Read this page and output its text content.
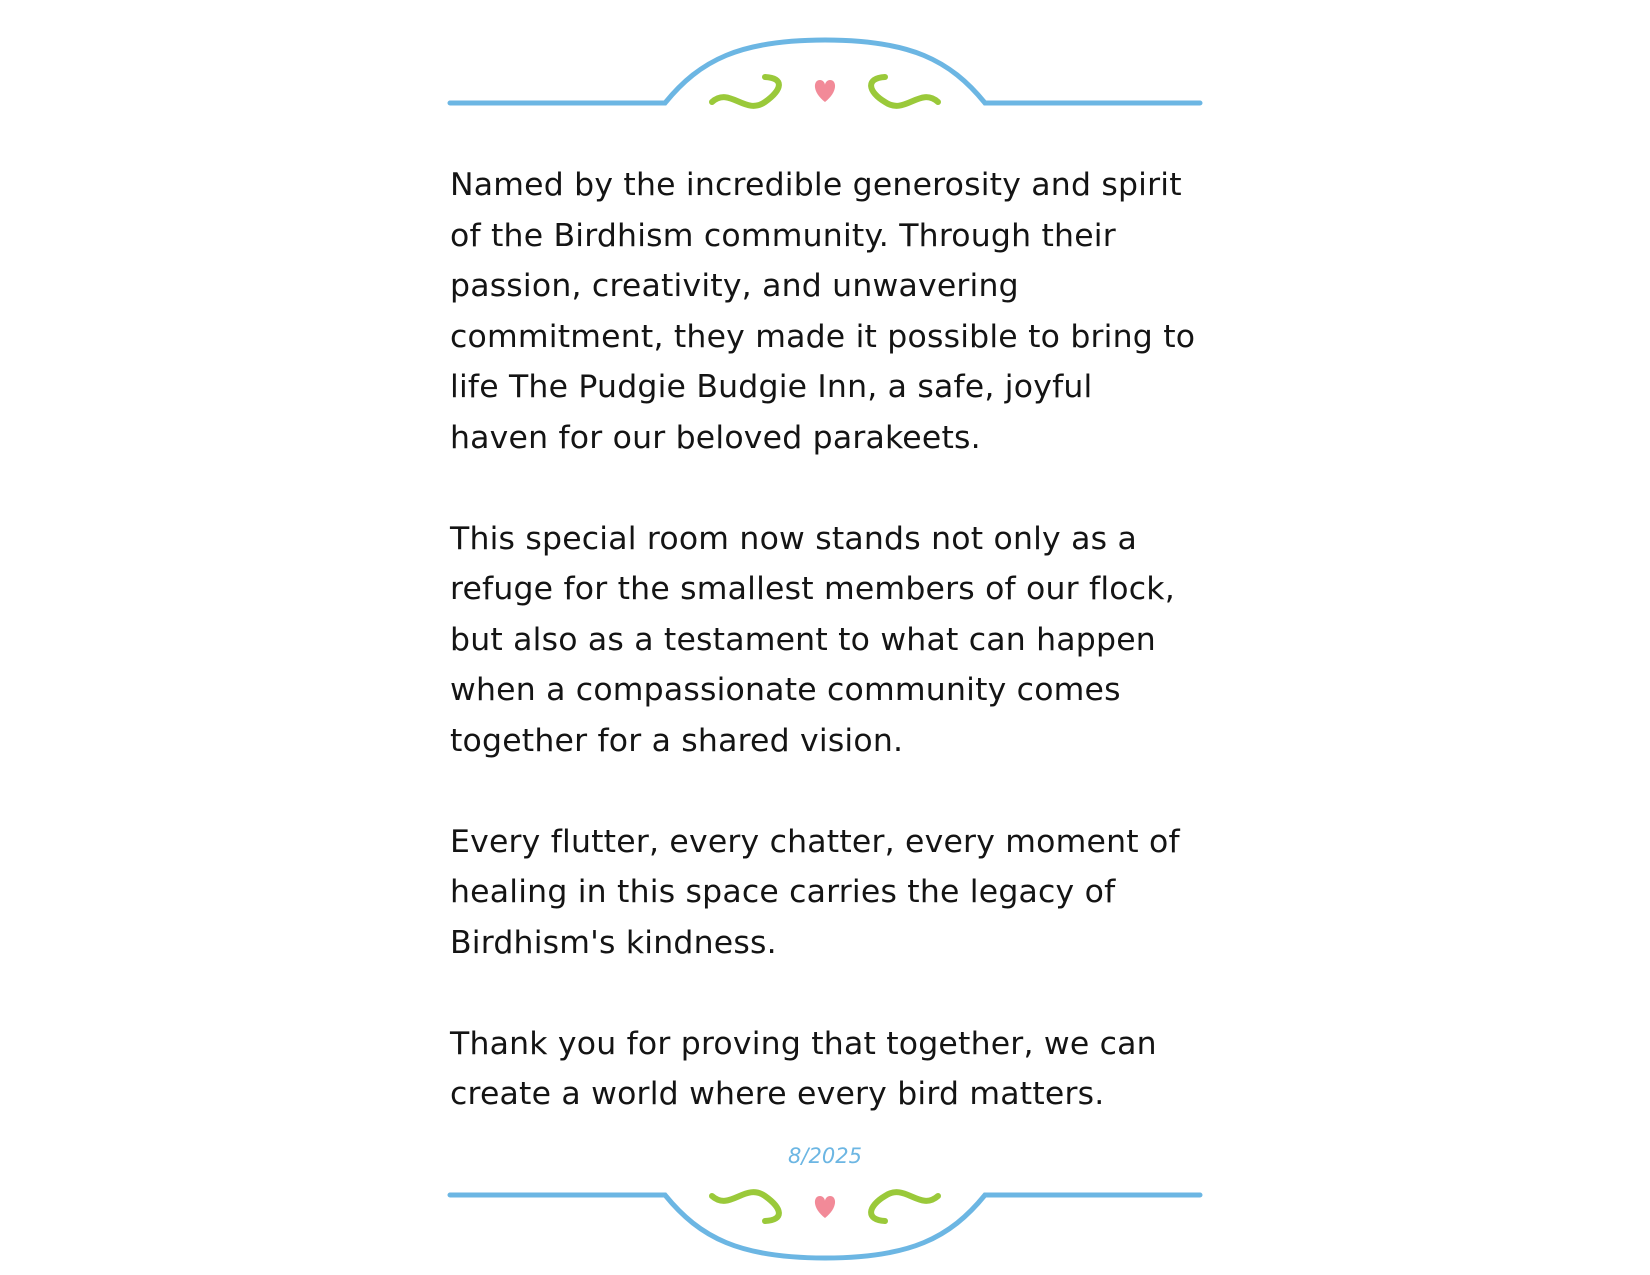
Named by the incredible generosity and spirit of the Birdhism community. Through their passion, creativity, and unwavering commitment, they made it possible to bring to life The Pudgie Budgie Inn, a safe, joyful haven for our beloved parakeets.

This special room now stands not only as a refuge for the smallest members of our flock, but also as a testament to what can happen when a compassionate community comes together for a shared vision.

Every flutter, every chatter, every moment of healing in this space carries the legacy of Birdhism's kindness.

Thank you for proving that together, we can create a world where every bird matters.

8/2025
